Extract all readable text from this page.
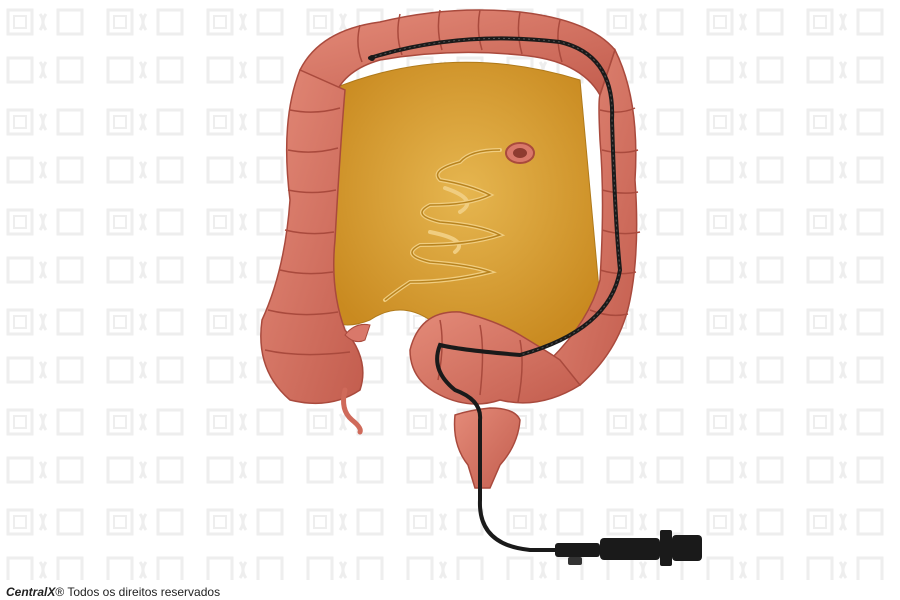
CentralX® Todos os direitos reservados
